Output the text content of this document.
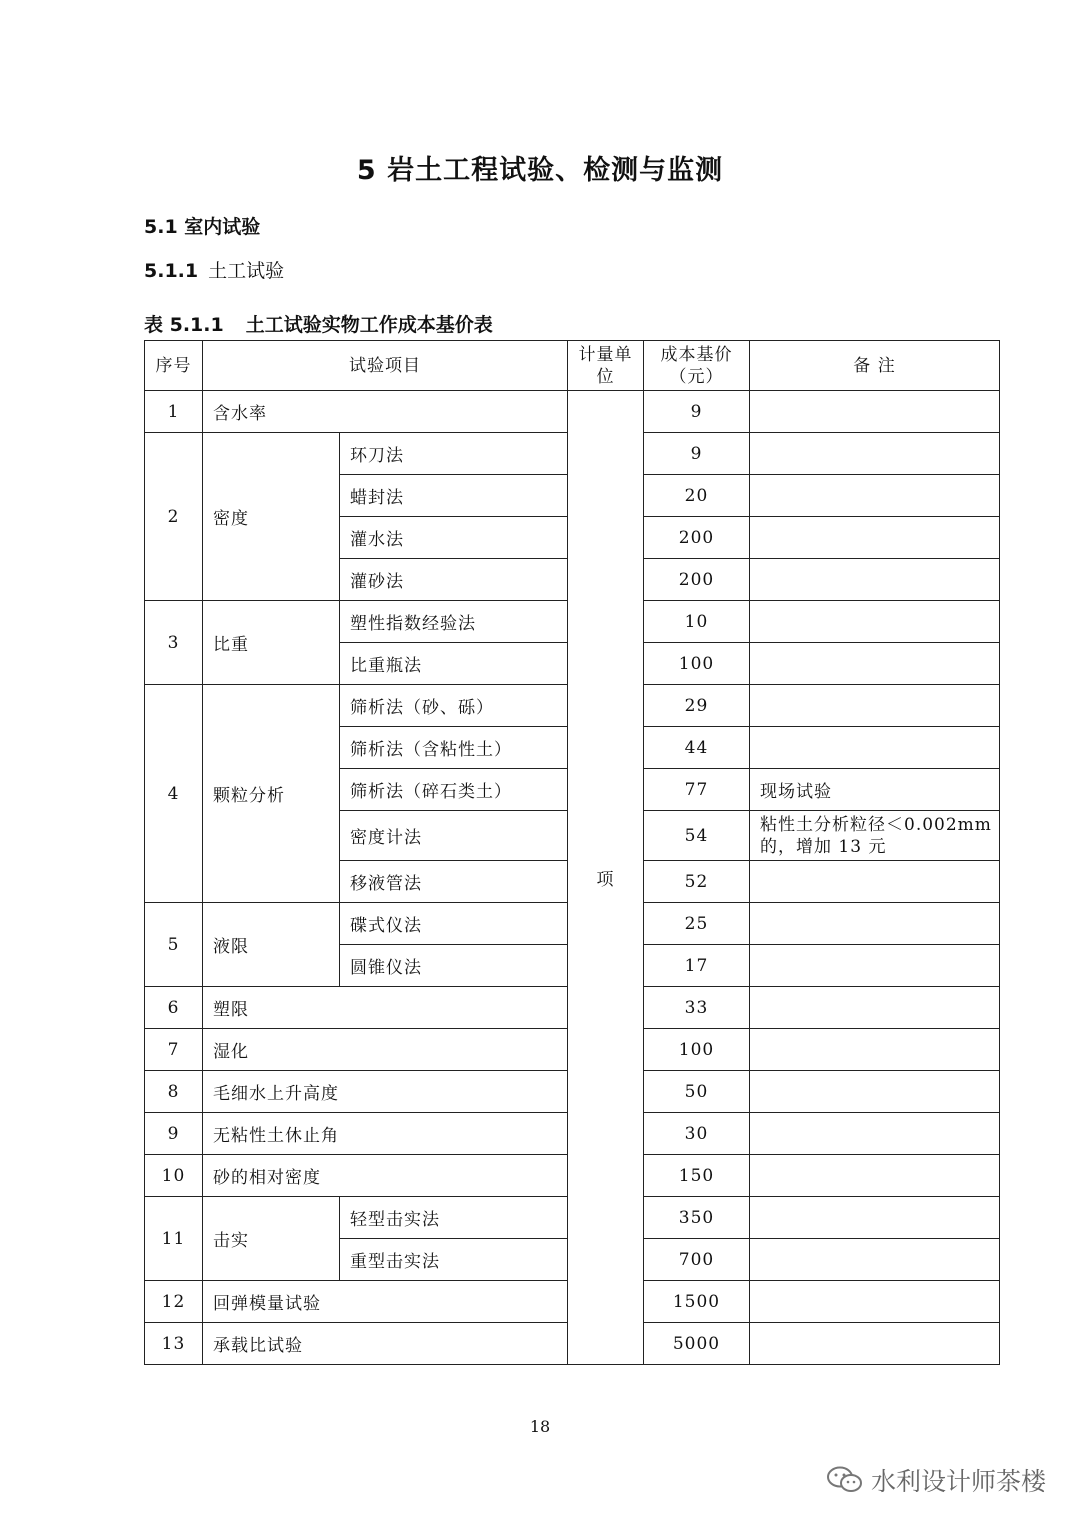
5 岩土工程试验、检测与监测
5.1 室内试验
5.1.1 土工试验
表 5.1.1 土工试验实物工作成本基价表
序号	试验项目		计量单位	成本基价（元）	备 注
1	含水率		项	9	
2	密度	环刀法		9	
		蜡封法		20	
		灌水法		200	
		灌砂法		200	
3	比重	塑性指数经验法		10	
		比重瓶法		100	
4	颗粒分析	筛析法（砂、砾）		29	
		筛析法（含粘性土）		44	
		筛析法（碎石类土）		77	现场试验
		密度计法		54	粘性土分析粒径＜0.002mm的，增加 13 元
		移液管法		52	
5	液限	碟式仪法		25	
		圆锥仪法		17	
6	塑限			33	
7	湿化			100	
8	毛细水上升高度			50	
9	无粘性土休止角			30	
10	砂的相对密度			150	
11	击实	轻型击实法		350	
		重型击实法		700	
12	回弹模量试验			1500	
13	承载比试验			5000	
18
水利设计师茶楼
